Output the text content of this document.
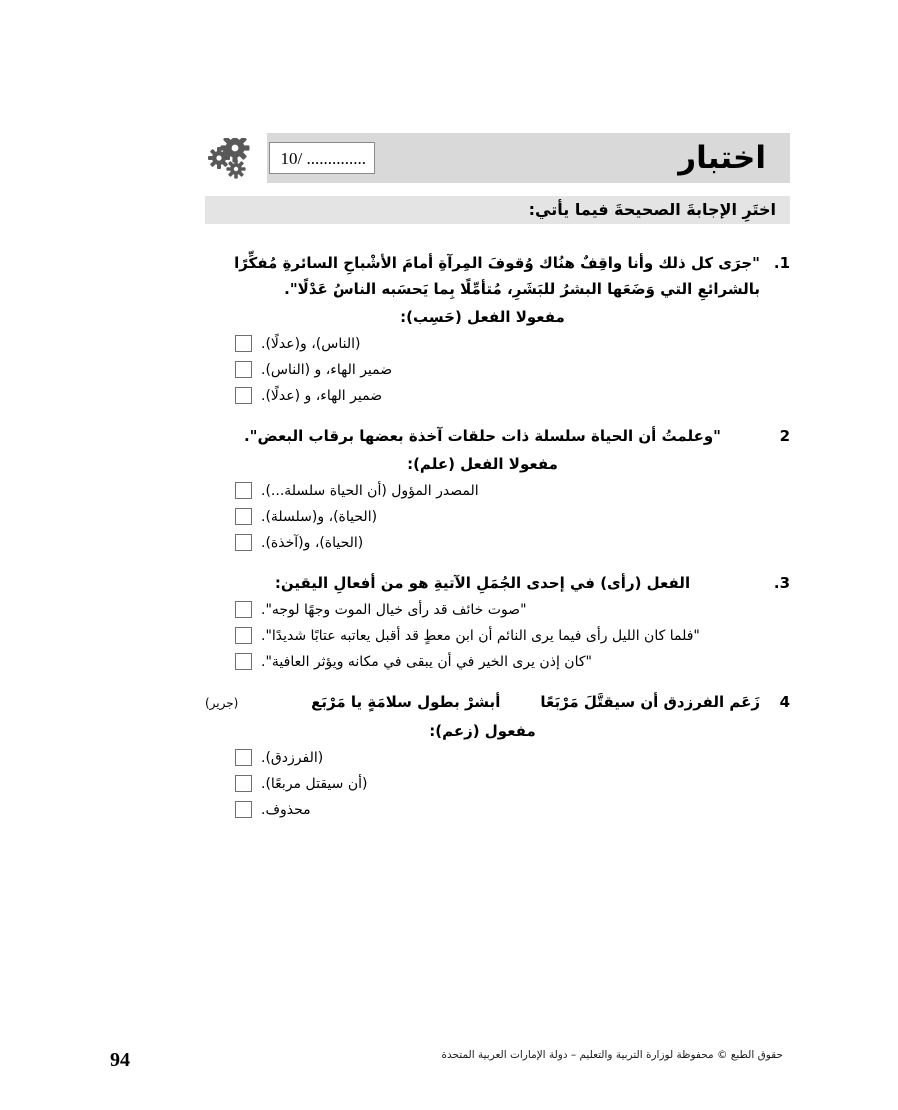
اختبار
10/ ..............
اختَرِ الإجابةَ الصحيحةَ فيما يأتي:
1.
"جرَى كل ذلك وأنا واقِفٌ هنُاك وُقوفَ المِرآةِ أمامَ الأشْباحِ السائرةِ مُفكِّرًا بالشرائعِ التي وَضَعَها البشرُ للبَشَرِ، مُتأمِّلًا بِما يَحسَبه الناسُ عَدْلًا".
مفعولا الفعل (حَسِب):
(الناس)، و(عدلًا).
ضمير الهاء، و (الناس).
ضمير الهاء، و (عدلًا).
2
"وعلمتُ أن الحياة سلسلة ذات حلقات آخذة بعضها برقاب البعض".
مفعولا الفعل (علم):
المصدر المؤول (أن الحياة سلسلة...).
(الحياة)، و(سلسلة).
(الحياة)، و(آخذة).
3.
الفعل (رأى) في إحدى الجُمَلِ الآتيةِ هو من أفعالِ اليقين:
"صوت خائف قد رأى خيال الموت وجهًا لوجه".
"فلما كان الليل رأى فيما يرى النائم أن ابن معطٍ قد أقبل يعاتبه عتابًا شديدًا".
"كان إذن يرى الخير في أن يبقى في مكانه ويؤثر العافية".
4
زَعَم الفرزدق أن سيقتَّلَ مَرْبَعًا
أبشرْ بطول سلامَةٍ يا مَرْبَع
(جرير)
مفعول (زعم):
(الفرزدق).
(أن سيقتل مربعًا).
محذوف.
حقوق الطبع © محفوظة لوزارة التربية والتعليم – دولة الإمارات العربية المتحدة
94
